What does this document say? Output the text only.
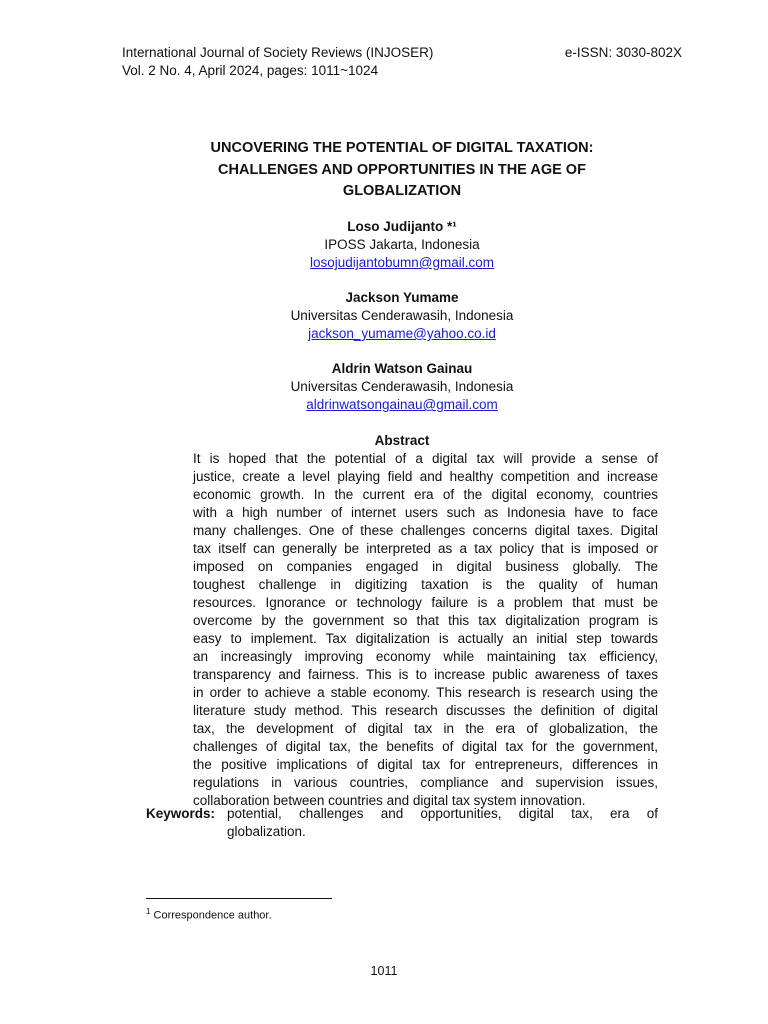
International Journal of Society Reviews (INJOSER)
Vol. 2 No. 4, April 2024, pages: 1011~1024
e-ISSN: 3030-802X
UNCOVERING THE POTENTIAL OF DIGITAL TAXATION:
CHALLENGES AND OPPORTUNITIES IN THE AGE OF
GLOBALIZATION
Loso Judijanto *¹
IPOSS Jakarta, Indonesia
losojudijantobumn@gmail.com
Jackson Yumame
Universitas Cenderawasih, Indonesia
jackson_yumame@yahoo.co.id
Aldrin Watson Gainau
Universitas Cenderawasih, Indonesia
aldrinwatsongainau@gmail.com
Abstract
It is hoped that the potential of a digital tax will provide a sense of
justice, create a level playing field and healthy competition and increase
economic growth. In the current era of the digital economy, countries
with a high number of internet users such as Indonesia have to face
many challenges. One of these challenges concerns digital taxes. Digital
tax itself can generally be interpreted as a tax policy that is imposed or
imposed on companies engaged in digital business globally. The
toughest challenge in digitizing taxation is the quality of human
resources. Ignorance or technology failure is a problem that must be
overcome by the government so that this tax digitalization program is
easy to implement. Tax digitalization is actually an initial step towards
an increasingly improving economy while maintaining tax efficiency,
transparency and fairness. This is to increase public awareness of taxes
in order to achieve a stable economy. This research is research using the
literature study method. This research discusses the definition of digital
tax, the development of digital tax in the era of globalization, the
challenges of digital tax, the benefits of digital tax for the government,
the positive implications of digital tax for entrepreneurs, differences in
regulations in various countries, compliance and supervision issues,
collaboration between countries and digital tax system innovation.
Keywords: potential, challenges and opportunities, digital tax, era of
globalization.
$^1$ Correspondence author.
1011
